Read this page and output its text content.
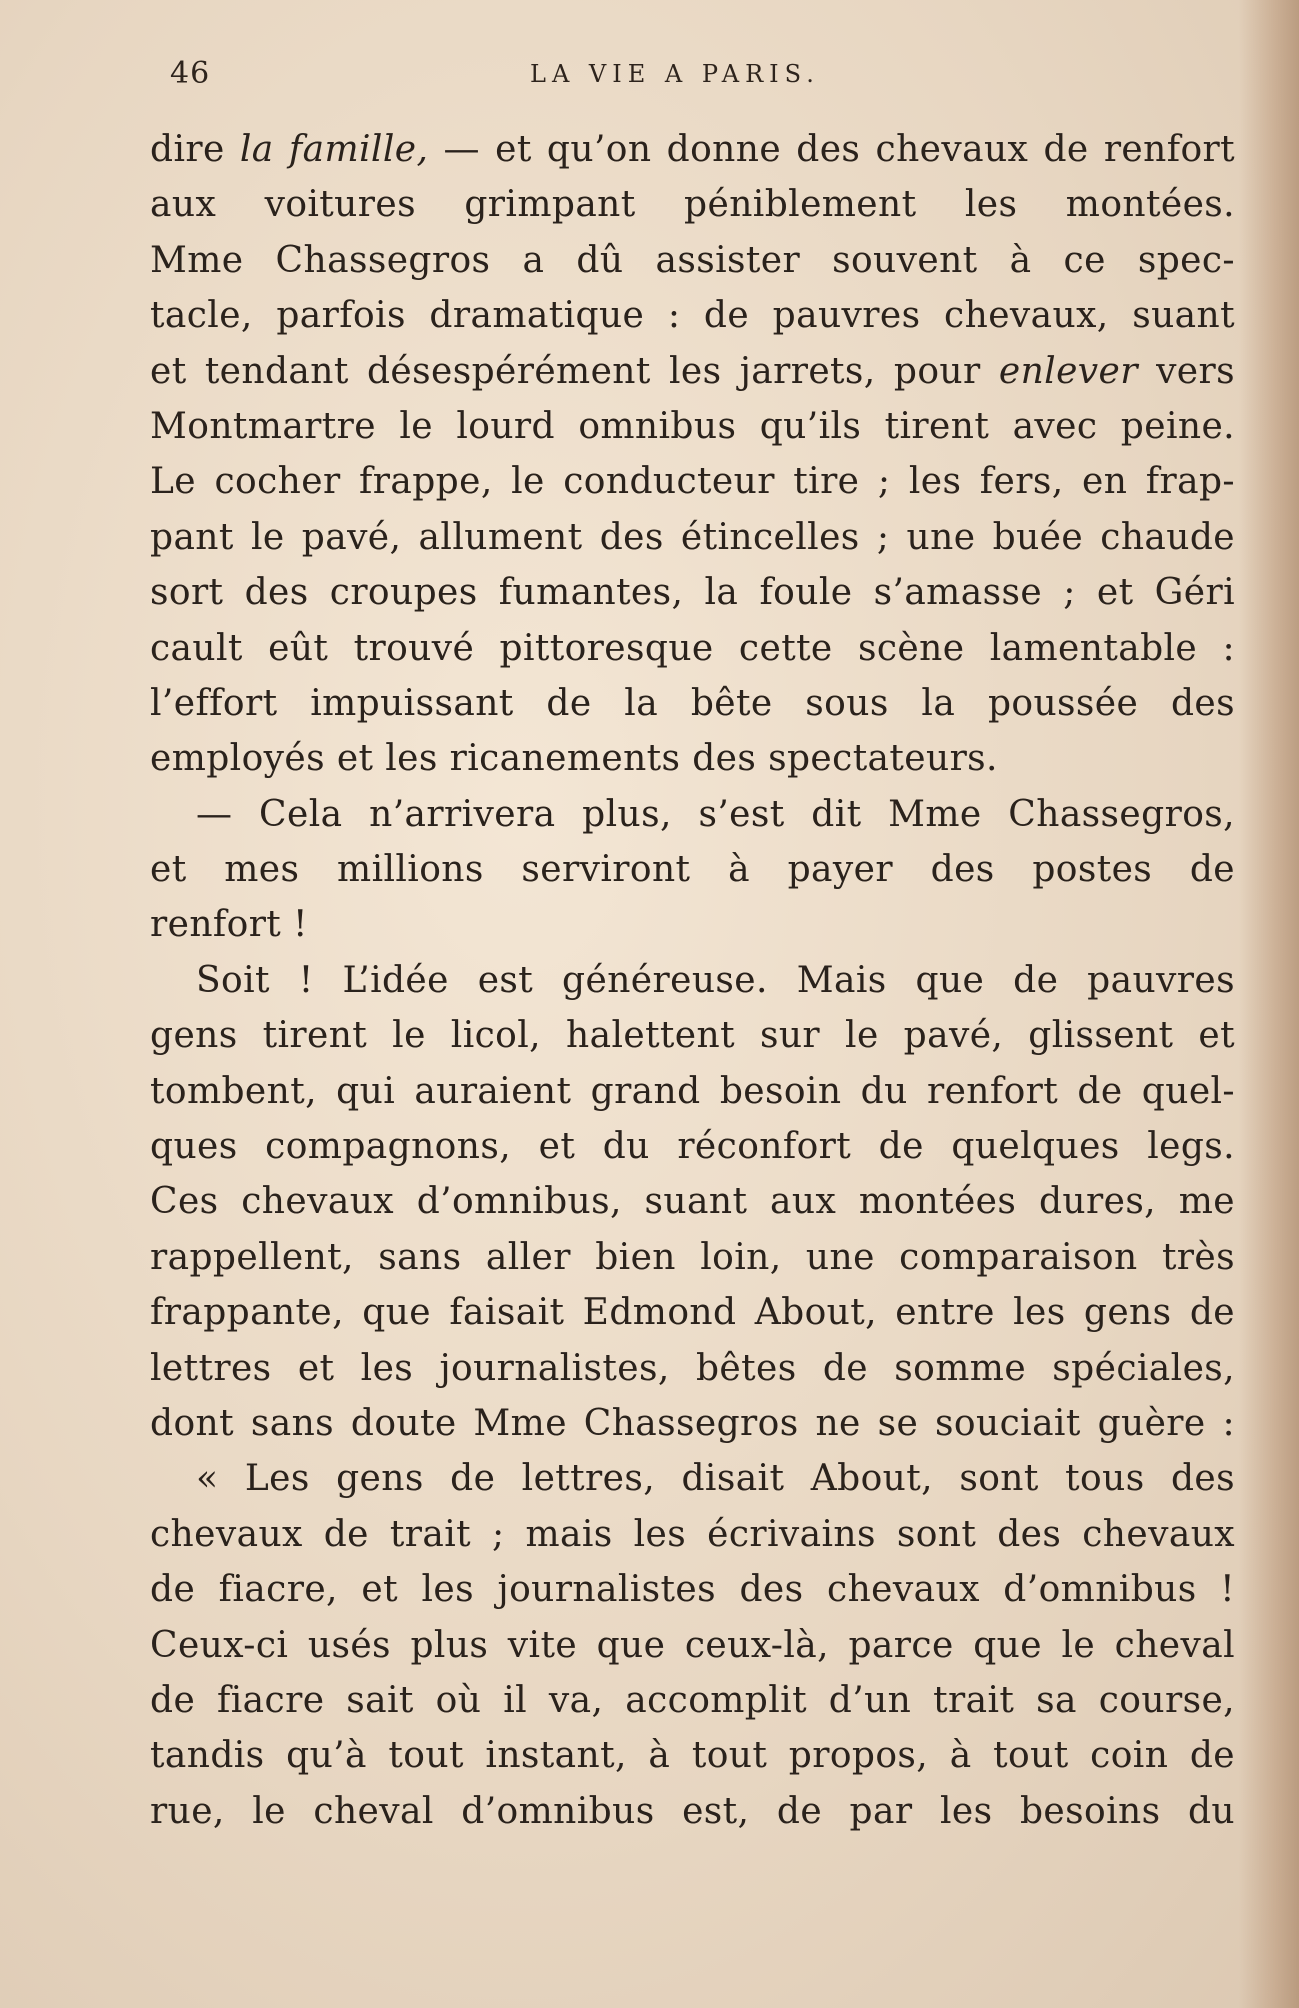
46	LA VIE A PARIS.
dire la famille, — et qu’on donne des chevaux de renfort
aux voitures grimpant péniblement les montées.
Mme Chassegros a dû assister souvent à ce spec-
tacle, parfois dramatique : de pauvres chevaux, suant
et tendant désespérément les jarrets, pour enlever vers
Montmartre le lourd omnibus qu’ils tirent avec peine.
Le cocher frappe, le conducteur tire ; les fers, en frap-
pant le pavé, allument des étincelles ; une buée chaude
sort des croupes fumantes, la foule s’amasse ; et Géri
cault eût trouvé pittoresque cette scène lamentable :
l’effort impuissant de la bête sous la poussée des
employés et les ricanements des spectateurs.
— Cela n’arrivera plus, s’est dit Mme Chassegros,
et mes millions serviront à payer des postes de
renfort !
Soit ! L’idée est généreuse. Mais que de pauvres
gens tirent le licol, halettent sur le pavé, glissent et
tombent, qui auraient grand besoin du renfort de quel-
ques compagnons, et du réconfort de quelques legs.
Ces chevaux d’omnibus, suant aux montées dures, me
rappellent, sans aller bien loin, une comparaison très
frappante, que faisait Edmond About, entre les gens de
lettres et les journalistes, bêtes de somme spéciales,
dont sans doute Mme Chassegros ne se souciait guère :
« Les gens de lettres, disait About, sont tous des
chevaux de trait ; mais les écrivains sont des chevaux
de fiacre, et les journalistes des chevaux d’omnibus !
Ceux-ci usés plus vite que ceux-là, parce que le cheval
de fiacre sait où il va, accomplit d’un trait sa course,
tandis qu’à tout instant, à tout propos, à tout coin de
rue, le cheval d’omnibus est, de par les besoins du
